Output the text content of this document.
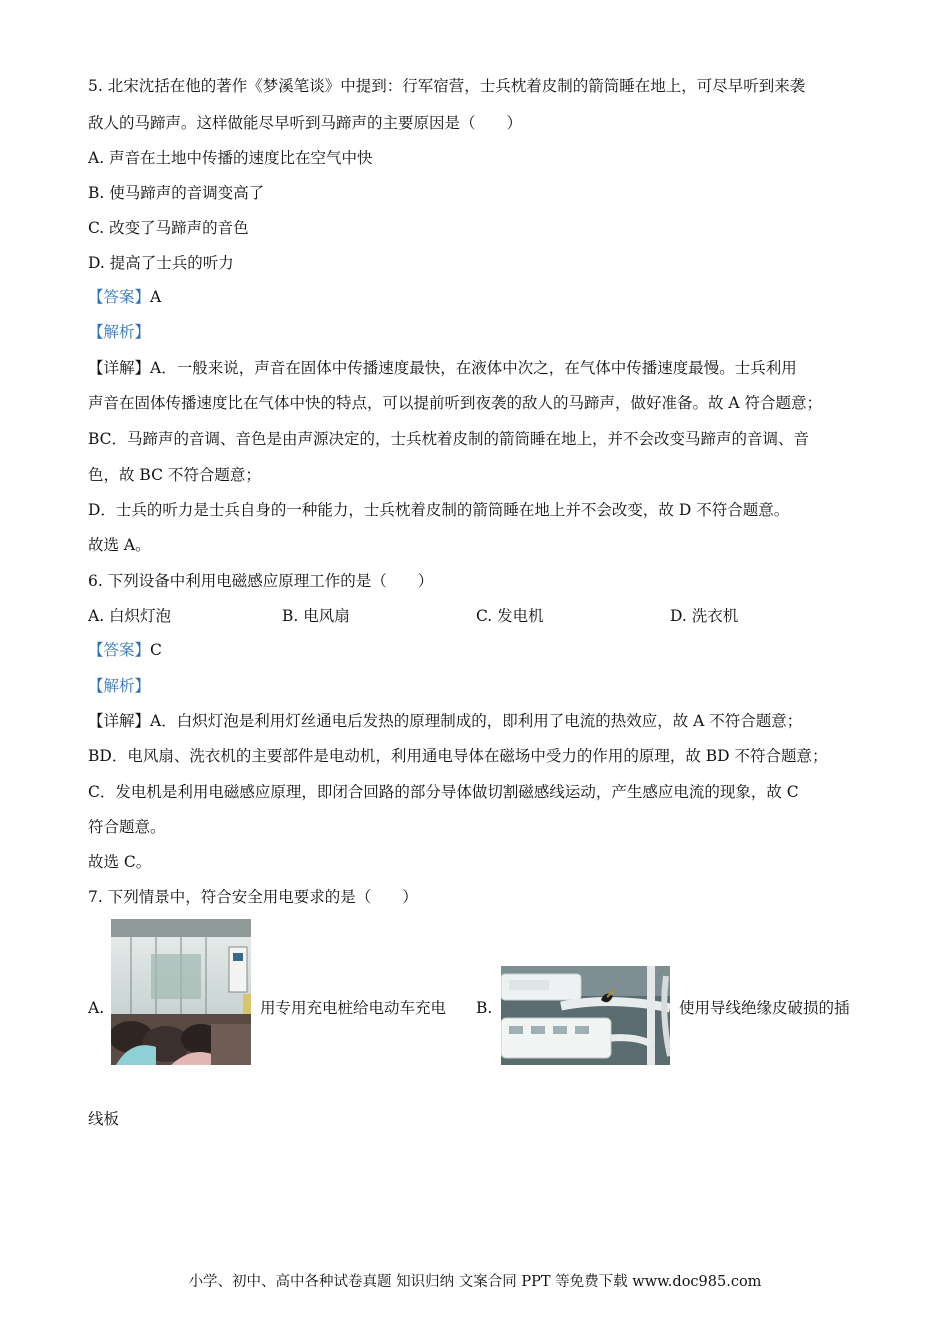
5. 北宋沈括在他的著作《梦溪笔谈》中提到：行军宿营，士兵枕着皮制的箭筒睡在地上，可尽早听到来袭
敌人的马蹄声。这样做能尽早听到马蹄声的主要原因是（　　）
A. 声音在土地中传播的速度比在空气中快
B. 使马蹄声的音调变高了
C. 改变了马蹄声的音色
D. 提高了士兵的听力
【答案】A
【解析】
【详解】A．一般来说，声音在固体中传播速度最快，在液体中次之，在气体中传播速度最慢。士兵利用
声音在固体传播速度比在气体中快的特点，可以提前听到夜袭的敌人的马蹄声，做好准备。故 A 符合题意；
BC．马蹄声的音调、音色是由声源决定的，士兵枕着皮制的箭筒睡在地上，并不会改变马蹄声的音调、音
色，故 BC 不符合题意；
D．士兵的听力是士兵自身的一种能力，士兵枕着皮制的箭筒睡在地上并不会改变，故 D 不符合题意。
故选 A。
6. 下列设备中利用电磁感应原理工作的是（　　）
A. 白炽灯泡	B. 电风扇	C. 发电机	D. 洗衣机
【答案】C
【解析】
【详解】A．白炽灯泡是利用灯丝通电后发热的原理制成的，即利用了电流的热效应，故 A 不符合题意；
BD．电风扇、洗衣机的主要部件是电动机，利用通电导体在磁场中受力的作用的原理，故 BD 不符合题意；
C．发电机是利用电磁感应原理，即闭合回路的部分导体做切割磁感线运动，产生感应电流的现象，故 C
符合题意。
故选 C。
7. 下列情景中，符合安全用电要求的是（　　）
A.	用专用充电桩给电动车充电 B.	使用导线绝缘皮破损的插
线板
小学、初中、高中各种试卷真题 知识归纳 文案合同 PPT 等免费下载 www.doc985.com
